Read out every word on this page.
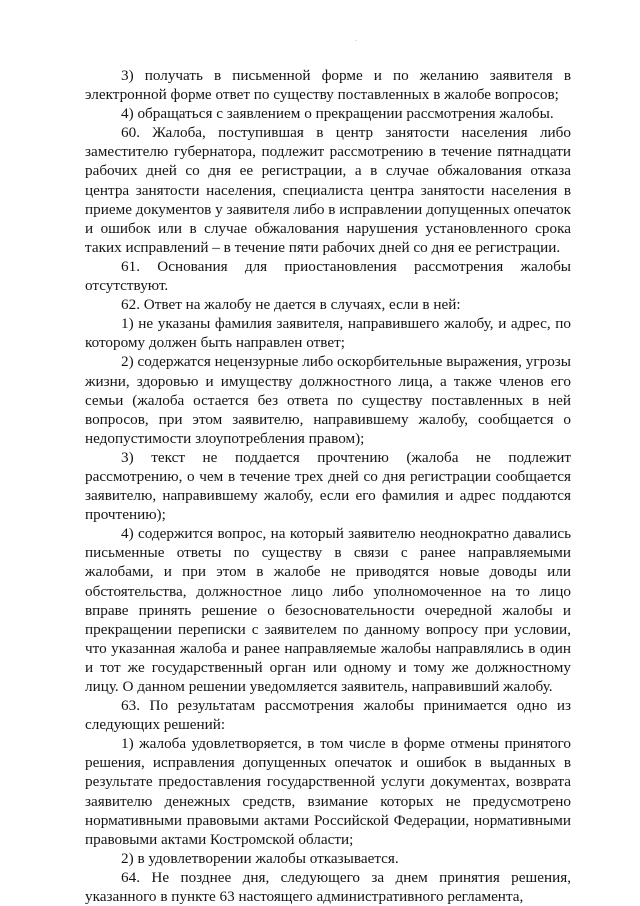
·

3) получать в письменной форме и по желанию заявителя в электронной форме ответ по существу поставленных в жалобе вопросов;

4) обращаться с заявлением о прекращении рассмотрения жалобы.

60. Жалоба, поступившая в центр занятости населения либо заместителю губернатора, подлежит рассмотрению в течение пятнадцати рабочих дней со дня ее регистрации, а в случае обжалования отказа центра занятости населения, специалиста центра занятости населения в приеме документов у заявителя либо в исправлении допущенных опечаток и ошибок или в случае обжалования нарушения установленного срока таких исправлений – в течение пяти рабочих дней со дня ее регистрации.

61. Основания для приостановления рассмотрения жалобы отсутствуют.

62. Ответ на жалобу не дается в случаях, если в ней:

1) не указаны фамилия заявителя, направившего жалобу, и адрес, по которому должен быть направлен ответ;

2) содержатся нецензурные либо оскорбительные выражения, угрозы жизни, здоровью и имуществу должностного лица, а также членов его семьи (жалоба остается без ответа по существу поставленных в ней вопросов, при этом заявителю, направившему жалобу, сообщается о недопустимости злоупотребления правом);

3) текст не поддается прочтению (жалоба не подлежит рассмотрению, о чем в течение трех дней со дня регистрации сообщается заявителю, направившему жалобу, если его фамилия и адрес поддаются прочтению);

4) содержится вопрос, на который заявителю неоднократно давались письменные ответы по существу в связи с ранее направляемыми жалобами, и при этом в жалобе не приводятся новые доводы или обстоятельства, должностное лицо либо уполномоченное на то лицо вправе принять решение о безосновательности очередной жалобы и прекращении переписки с заявителем по данному вопросу при условии, что указанная жалоба и ранее направляемые жалобы направлялись в один и тот же государственный орган или одному и тому же должностному лицу. О данном решении уведомляется заявитель, направивший жалобу.

63. По результатам рассмотрения жалобы принимается одно из следующих решений:

1) жалоба удовлетворяется, в том числе в форме отмены принятого решения, исправления допущенных опечаток и ошибок в выданных в результате предоставления государственной услуги документах, возврата заявителю денежных средств, взимание которых не предусмотрено нормативными правовыми актами Российской Федерации, нормативными правовыми актами Костромской области;

2) в удовлетворении жалобы отказывается.

64. Не позднее дня, следующего за днем принятия решения, указанного в пункте 63 настоящего административного регламента,
